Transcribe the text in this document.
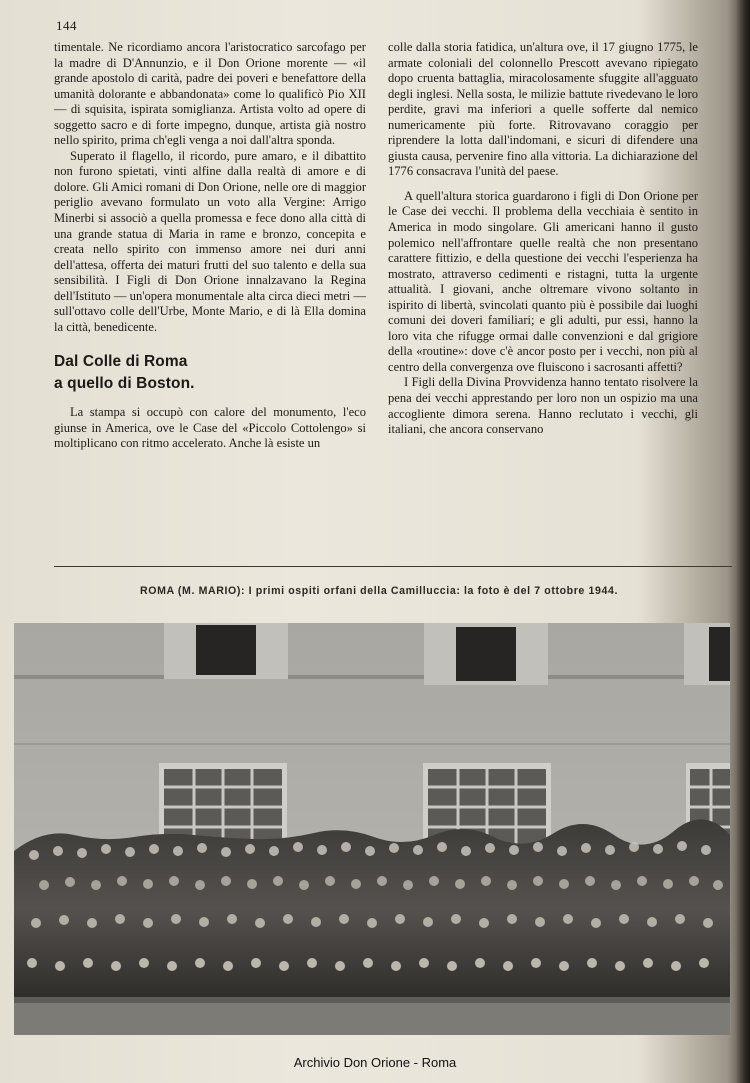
144

timentale. Ne ricordiamo ancora l'aristocratico sarcofago per la madre di D'Annunzio, e il Don Orione morente — «il grande apostolo di carità, padre dei poveri e benefattore della umanità dolorante e abbandonata» come lo qualificò Pio XII — di squisita, ispirata somiglianza. Artista volto ad opere di soggetto sacro e di forte impegno, dunque, artista già nostro nello spirito, prima ch'egli venga a noi dall'altra sponda.

Superato il flagello, il ricordo, pure amaro, e il dibattito non furono spietati, vinti alfine dalla realtà di amore e di dolore. Gli Amici romani di Don Orione, nelle ore di maggior periglio avevano formulato un voto alla Vergine: Arrigo Minerbi si associò a quella promessa e fece dono alla città di una grande statua di Maria in rame e bronzo, concepita e creata nello spirito con immenso amore nei duri anni dell'attesa, offerta dei maturi frutti del suo talento e della sua sensibilità. I Figli di Don Orione innalzavano la Regina dell'Istituto — un'opera monumentale alta circa dieci metri — sull'ottavo colle dell'Urbe, Monte Mario, e di là Ella domina la città, benedicente.

Dal Colle di Roma
a quello di Boston.

La stampa si occupò con calore del monumento, l'eco giunse in America, ove le Case del «Piccolo Cottolengo» si moltiplicano con ritmo accelerato. Anche là esiste un

colle dalla storia fatidica, un'altura ove, il 17 giugno 1775, le armate coloniali del colonnello Prescott avevano ripiegato dopo cruenta battaglia, miracolosamente sfuggite all'agguato degli inglesi. Nella sosta, le milizie battute rivedevano le loro perdite, gravi ma inferiori a quelle sofferte dal nemico numericamente più forte. Ritrovavano coraggio per riprendere la lotta dall'indomani, e sicuri di difendere una giusta causa, pervenire fino alla vittoria. La dichiarazione del 1776 consacrava l'unità del paese.

A quell'altura storica guardarono i figli di Don Orione per le Case dei vecchi. Il problema della vecchiaia è sentito in America in modo singolare. Gli americani hanno il gusto polemico nell'affrontare quelle realtà che non presentano carattere fittizio, e della questione dei vecchi l'esperienza ha mostrato, attraverso cedimenti e ristagni, tutta la urgente attualità. I giovani, anche oltremare vivono soltanto in ispirito di libertà, svincolati quanto più è possibile dai luoghi comuni dei doveri familiari; e gli adulti, pur essi, hanno la loro vita che rifugge ormai dalle convenzioni e dal grigiore della «routine»: dove c'è ancor posto per i vecchi, non più al centro della convergenza ove fluiscono i sacrosanti affetti?

I Figli della Divina Provvidenza hanno tentato risolvere la pena dei vecchi apprestando per loro non un ospizio ma una accogliente dimora serena. Hanno reclutato i vecchi, gli italiani, che ancora conservano

ROMA (M. MARIO): I primi ospiti orfani della Camilluccia: la foto è del 7 ottobre 1944.
Archivio Don Orione - Roma
